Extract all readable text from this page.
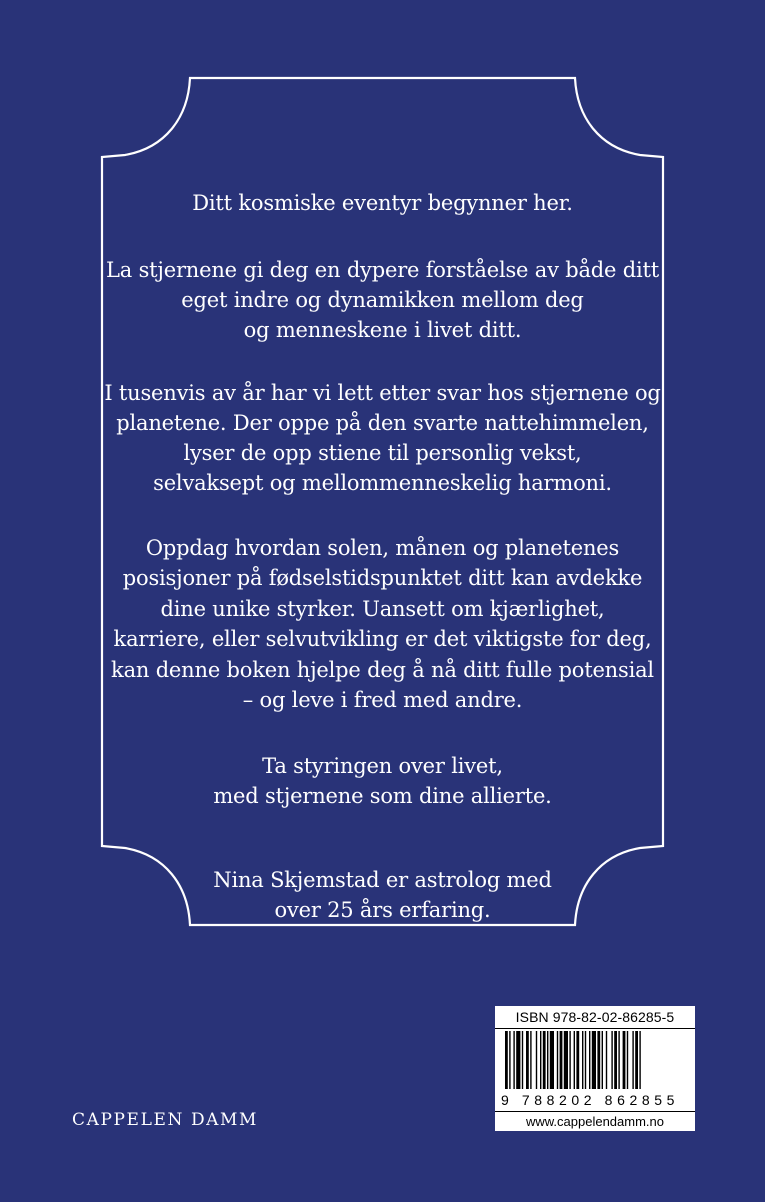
Ditt kosmiske eventyr begynner her.
La stjernene gi deg en dypere forståelse av både ditt
eget indre og dynamikken mellom deg
og menneskene i livet ditt.
I tusenvis av år har vi lett etter svar hos stjernene og
planetene. Der oppe på den svarte nattehimmelen,
lyser de opp stiene til personlig vekst,
selvaksept og mellommenneskelig harmoni.
Oppdag hvordan solen, månen og planetenes
posisjoner på fødselstidspunktet ditt kan avdekke
dine unike styrker. Uansett om kjærlighet,
karriere, eller selvutvikling er det viktigste for deg,
kan denne boken hjelpe deg å nå ditt fulle potensial
– og leve i fred med andre.
Ta styringen over livet,
med stjernene som dine allierte.
Nina Skjemstad er astrolog med
over 25 års erfaring.
ISBN 978-82-02-86285-5
9 788202 862855
www.cappelendamm.no
CAPPELEN DAMM
